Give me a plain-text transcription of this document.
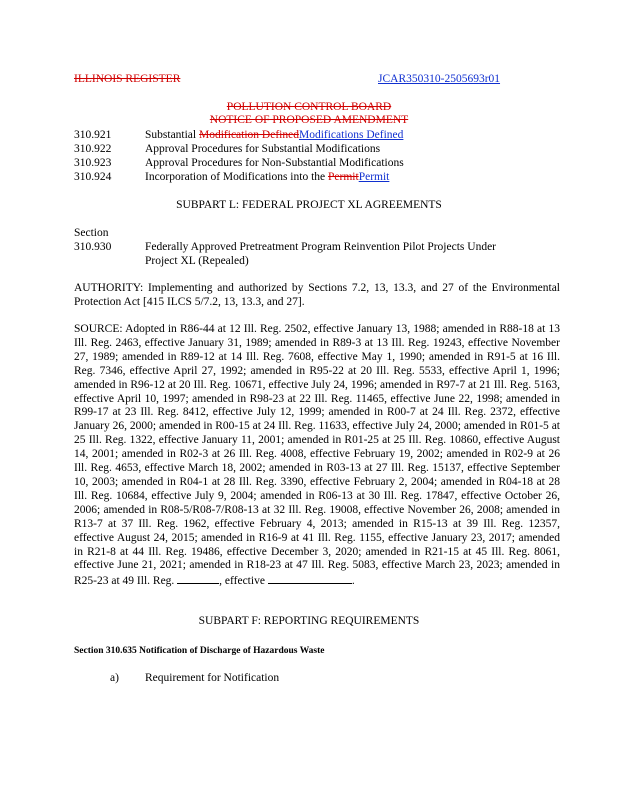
ILLINOIS REGISTER	JCAR350310-2505693r01
POLLUTION CONTROL BOARD
NOTICE OF PROPOSED AMENDMENT
310.921	Substantial Modification DefinedModifications Defined
310.922	Approval Procedures for Substantial Modifications
310.923	Approval Procedures for Non-Substantial Modifications
310.924	Incorporation of Modifications into the PermitPermit
SUBPART L: FEDERAL PROJECT XL AGREEMENTS
Section
310.930	Federally Approved Pretreatment Program Reinvention Pilot Projects Under
Project XL (Repealed)
AUTHORITY: Implementing and authorized by Sections 7.2, 13, 13.3, and 27 of the Environmental Protection Act [415 ILCS 5/7.2, 13, 13.3, and 27].
SOURCE: Adopted in R86-44 at 12 Ill. Reg. 2502, effective January 13, 1988; amended in R88-18 at 13 Ill. Reg. 2463, effective January 31, 1989; amended in R89-3 at 13 Ill. Reg. 19243, effective November 27, 1989; amended in R89-12 at 14 Ill. Reg. 7608, effective May 1, 1990; amended in R91-5 at 16 Ill. Reg. 7346, effective April 27, 1992; amended in R95-22 at 20 Ill. Reg. 5533, effective April 1, 1996; amended in R96-12 at 20 Ill. Reg. 10671, effective July 24, 1996; amended in R97-7 at 21 Ill. Reg. 5163, effective April 10, 1997; amended in R98-23 at 22 Ill. Reg. 11465, effective June 22, 1998; amended in R99-17 at 23 Ill. Reg. 8412, effective July 12, 1999; amended in R00-7 at 24 Ill. Reg. 2372, effective January 26, 2000; amended in R00-15 at 24 Ill. Reg. 11633, effective July 24, 2000; amended in R01-5 at 25 Ill. Reg. 1322, effective January 11, 2001; amended in R01-25 at 25 Ill. Reg. 10860, effective August 14, 2001; amended in R02-3 at 26 Ill. Reg. 4008, effective February 19, 2002; amended in R02-9 at 26 Ill. Reg. 4653, effective March 18, 2002; amended in R03-13 at 27 Ill. Reg. 15137, effective September 10, 2003; amended in R04-1 at 28 Ill. Reg. 3390, effective February 2, 2004; amended in R04-18 at 28 Ill. Reg. 10684, effective July 9, 2004; amended in R06-13 at 30 Ill. Reg. 17847, effective October 26, 2006; amended in R08-5/R08-7/R08-13 at 32 Ill. Reg. 19008, effective November 26, 2008; amended in R13-7 at 37 Ill. Reg. 1962, effective February 4, 2013; amended in R15-13 at 39 Ill. Reg. 12357, effective August 24, 2015; amended in R16-9 at 41 Ill. Reg. 1155, effective January 23, 2017; amended in R21-8 at 44 Ill. Reg. 19486, effective December 3, 2020; amended in R21-15 at 45 Ill. Reg. 8061, effective June 21, 2021; amended in R18-23 at 47 Ill. Reg. 5083, effective March 23, 2023; amended in R25-23 at 49 Ill. Reg.	, effective	.
SUBPART F: REPORTING REQUIREMENTS
Section 310.635 Notification of Discharge of Hazardous Waste
a) Requirement for Notification
